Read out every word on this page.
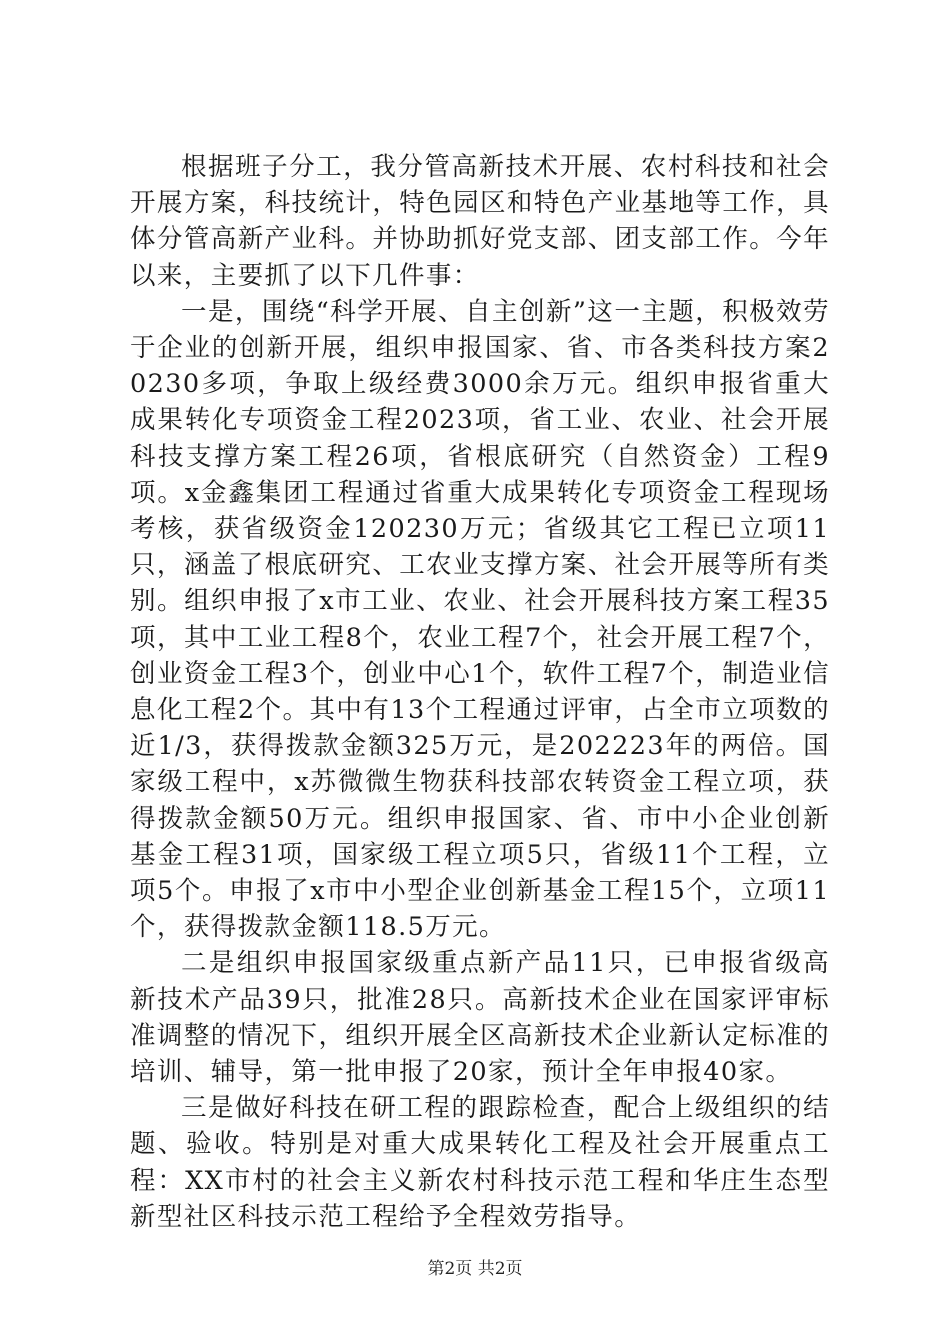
根据班子分工，我分管高新技术开展、农村科技和社会开展方案，科技统计，特色园区和特色产业基地等工作，具体分管高新产业科。并协助抓好党支部、团支部工作。今年以来，主要抓了以下几件事：

一是，围绕“科学开展、自主创新”这一主题，积极效劳于企业的创新开展，组织申报国家、省、市各类科技方案20230多项，争取上级经费3000余万元。组织申报省重大成果转化专项资金工程2023项，省工业、农业、社会开展科技支撑方案工程26项，省根底研究（自然资金）工程9项。x金鑫集团工程通过省重大成果转化专项资金工程现场考核，获省级资金120230万元；省级其它工程已立项11只，涵盖了根底研究、工农业支撑方案、社会开展等所有类别。组织申报了x市工业、农业、社会开展科技方案工程35项，其中工业工程8个，农业工程7个，社会开展工程7个，创业资金工程3个，创业中心1个，软件工程7个，制造业信息化工程2个。其中有13个工程通过评审，占全市立项数的近1/3，获得拨款金额325万元，是202223年的两倍。国家级工程中，x苏微微生物获科技部农转资金工程立项，获得拨款金额50万元。组织申报国家、省、市中小企业创新基金工程31项，国家级工程立项5只，省级11个工程，立项5个。申报了x市中小型企业创新基金工程15个，立项11个，获得拨款金额118.5万元。

二是组织申报国家级重点新产品11只，已申报省级高新技术产品39只，批准28只。高新技术企业在国家评审标准调整的情况下，组织开展全区高新技术企业新认定标准的培训、辅导，第一批申报了20家，预计全年申报40家。

三是做好科技在研工程的跟踪检查，配合上级组织的结题、验收。特别是对重大成果转化工程及社会开展重点工程：XX市村的社会主义新农村科技示范工程和华庄生态型新型社区科技示范工程给予全程效劳指导。

第2页 共2页
